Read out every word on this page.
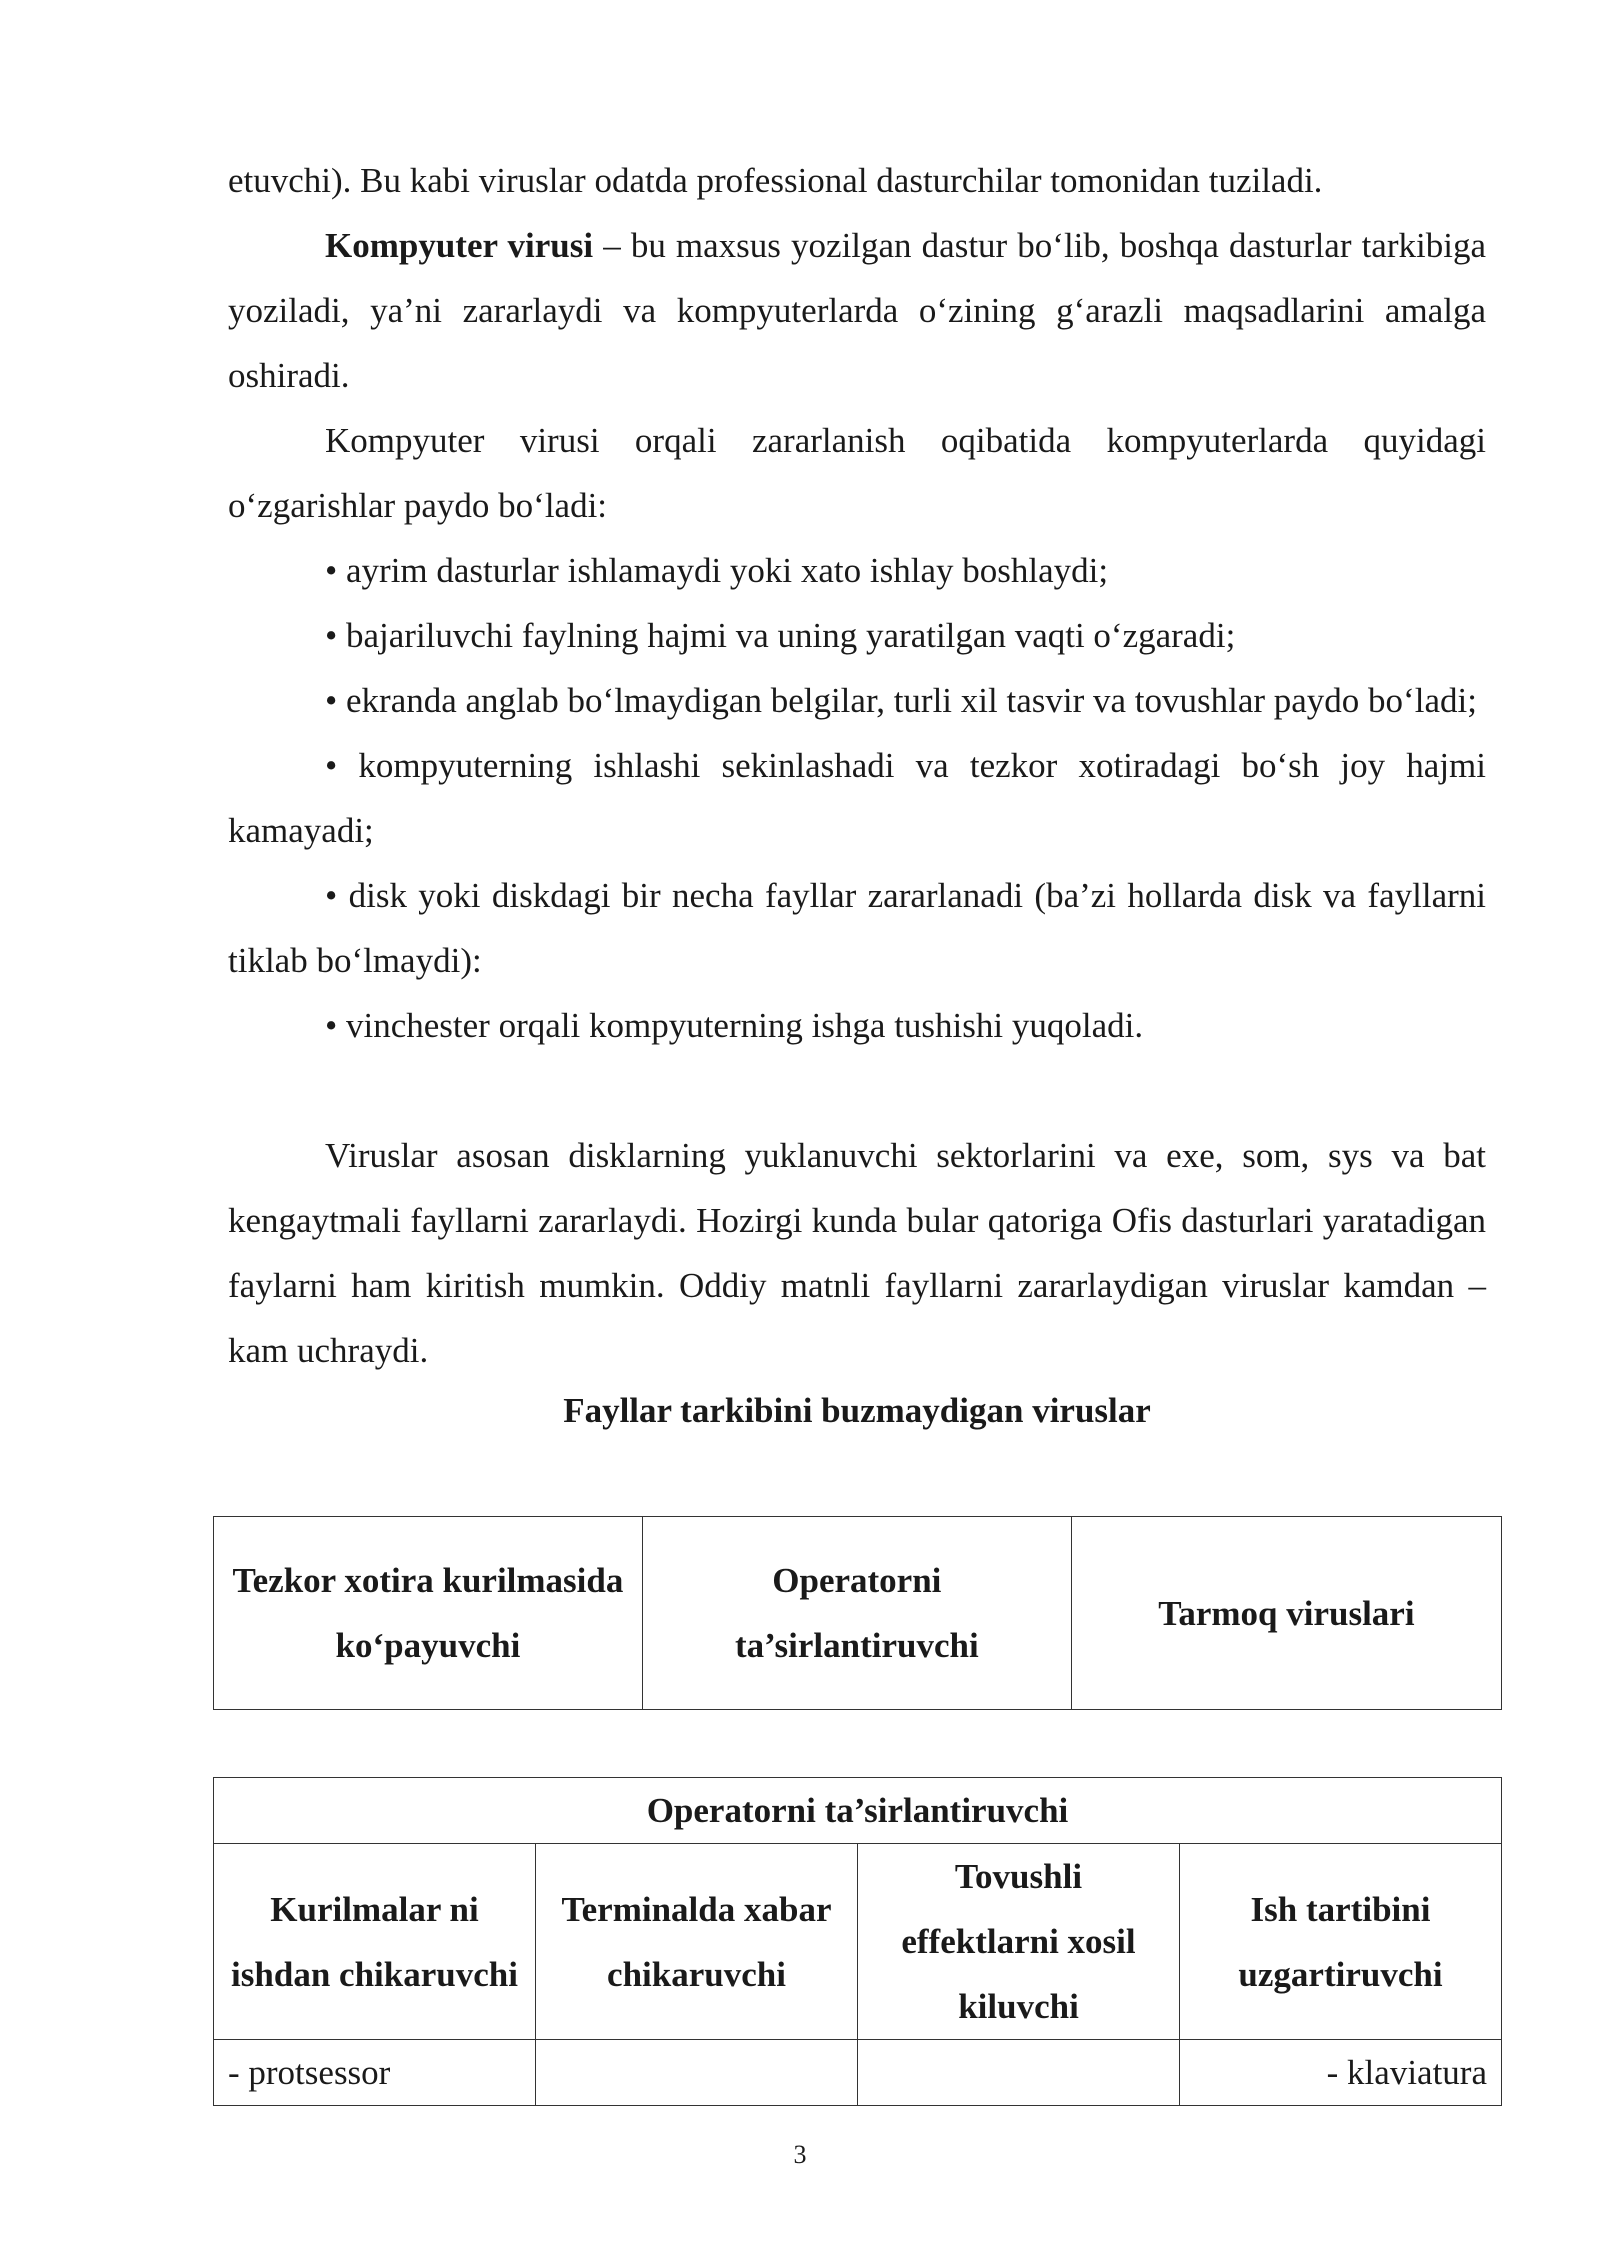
etuvchi). Bu kabi viruslar odatda professional dasturchilar tomonidan tuziladi.

Kompyuter virusi – bu maxsus yozilgan dastur bo‘lib, boshqa dasturlar tarkibiga yoziladi, ya’ni zararlaydi va kompyuterlarda o‘zining g‘arazli maqsadlarini amalga oshiradi.

Kompyuter virusi orqali zararlanish oqibatida kompyuterlarda quyidagi o‘zgarishlar paydo bo‘ladi:

• ayrim dasturlar ishlamaydi yoki xato ishlay boshlaydi;

• bajariluvchi faylning hajmi va uning yaratilgan vaqti o‘zgaradi;

• ekranda anglab bo‘lmaydigan belgilar, turli xil tasvir va tovushlar paydo bo‘ladi;

• kompyuterning ishlashi sekinlashadi va tezkor xotiradagi bo‘sh joy hajmi kamayadi;

• disk yoki diskdagi bir necha fayllar zararlanadi (ba’zi hollarda disk va fayllarni tiklab bo‘lmaydi):

• vinchester orqali kompyuterning ishga tushishi yuqoladi.

Viruslar asosan disklarning yuklanuvchi sektorlarini va exe, som, sys va bat kengaytmali fayllarni zararlaydi. Hozirgi kunda bular qatoriga Ofis dasturlari yaratadigan faylarni ham kiritish mumkin. Oddiy matnli fayllarni zararlaydigan viruslar kamdan – kam uchraydi.

Fayllar tarkibini buzmaydigan viruslar

Tezkor xotira kurilmasida ko‘payuvchi	Operatorni ta’sirlantiruvchi	Tarmoq viruslari
Operatorni ta’sirlantiruvchi			
Kurilmalar ni ishdan chikaruvchi	Terminalda xabar chikaruvchi	Tovushli effektlarni xosil kiluvchi	Ish tartibini uzgartiruvchi
- protsessor			- klaviatura
3
